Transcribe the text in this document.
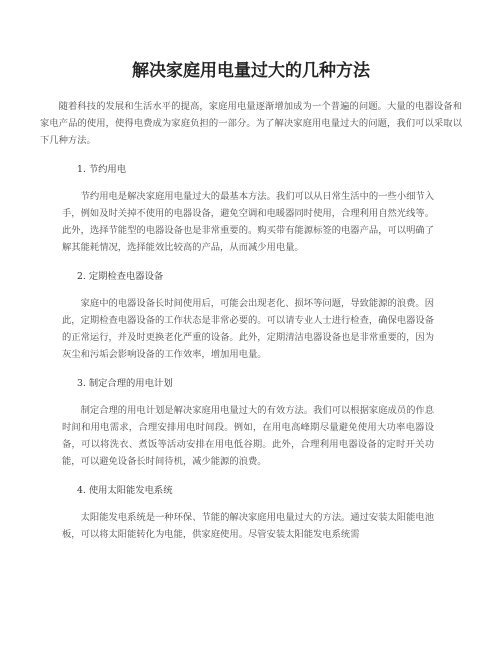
解决家庭用电量过大的几种方法

随着科技的发展和生活水平的提高，家庭用电量逐渐增加成为一个普遍的问题。大量的电器设备和家电产品的使用，使得电费成为家庭负担的一部分。为了解决家庭用电量过大的问题，我们可以采取以下几种方法。

1. 节约用电

节约用电是解决家庭用电量过大的最基本方法。我们可以从日常生活中的一些小细节入手，例如及时关掉不使用的电器设备，避免空调和电暖器同时使用，合理利用自然光线等。此外，选择节能型的电器设备也是非常重要的。购买带有能源标签的电器产品，可以明确了解其能耗情况，选择能效比较高的产品，从而减少用电量。

2. 定期检查电器设备

家庭中的电器设备长时间使用后，可能会出现老化、损坏等问题，导致能源的浪费。因此，定期检查电器设备的工作状态是非常必要的。可以请专业人士进行检查，确保电器设备的正常运行，并及时更换老化严重的设备。此外，定期清洁电器设备也是非常重要的，因为灰尘和污垢会影响设备的工作效率，增加用电量。

3. 制定合理的用电计划

制定合理的用电计划是解决家庭用电量过大的有效方法。我们可以根据家庭成员的作息时间和用电需求，合理安排用电时间段。例如，在用电高峰期尽量避免使用大功率电器设备，可以将洗衣、煮饭等活动安排在用电低谷期。此外，合理利用电器设备的定时开关功能，可以避免设备长时间待机，减少能源的浪费。

4. 使用太阳能发电系统

太阳能发电系统是一种环保、节能的解决家庭用电量过大的方法。通过安装太阳能电池板，可以将太阳能转化为电能，供家庭使用。尽管安装太阳能发电系统需
